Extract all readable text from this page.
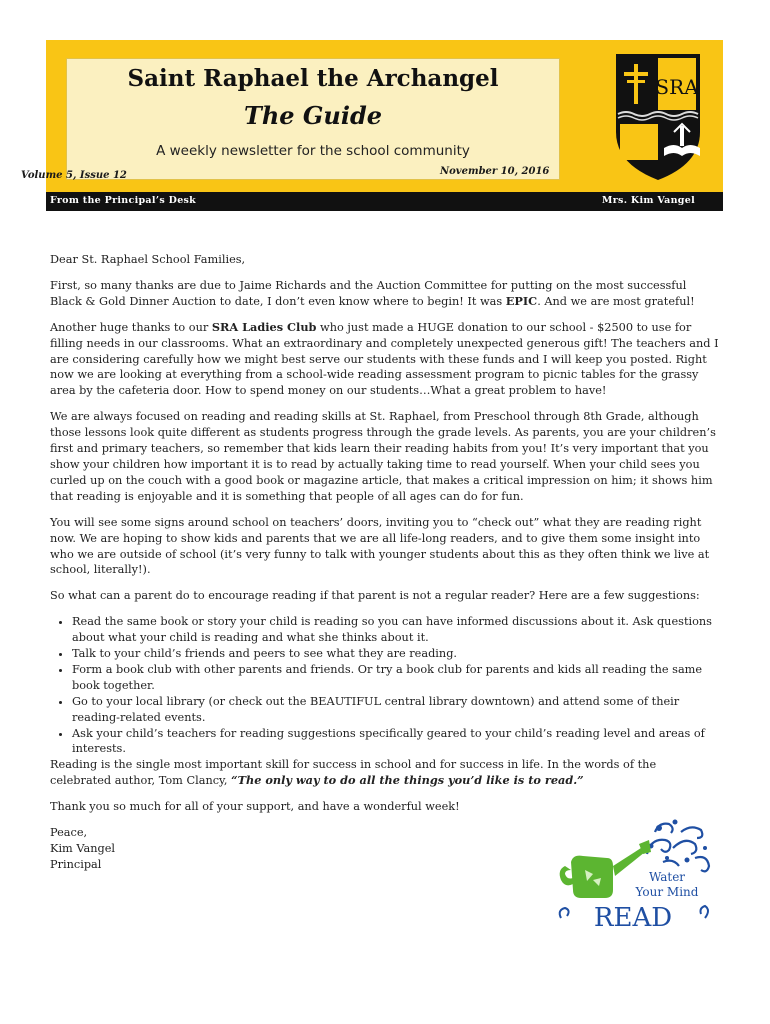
Saint Raphael the Archangel
The Guide
A weekly newsletter for the school community
SRA
Volume 5, Issue 12	November 10, 2016
From the Principal’s Desk	Mrs. Kim Vangel

Dear St. Raphael School Families,

First, so many thanks are due to Jaime Richards and the Auction Committee for putting on the most successful Black & Gold Dinner Auction to date, I don’t even know where to begin! It was EPIC. And we are most grateful!

Another huge thanks to our SRA Ladies Club who just made a HUGE donation to our school - $2500 to use for filling needs in our classrooms. What an extraordinary and completely unexpected generous gift! The teachers and I are considering carefully how we might best serve our students with these funds and I will keep you posted. Right now we are looking at everything from a school-wide reading assessment program to picnic tables for the grassy area by the cafeteria door. How to spend money on our students…What a great problem to have!

We are always focused on reading and reading skills at St. Raphael, from Preschool through 8th Grade, although those lessons look quite different as students progress through the grade levels. As parents, you are your children’s first and primary teachers, so remember that kids learn their reading habits from you! It’s very important that you show your children how important it is to read by actually taking time to read yourself. When your child sees you curled up on the couch with a good book or magazine article, that makes a critical impression on him; it shows him that reading is enjoyable and it is something that people of all ages can do for fun.

You will see some signs around school on teachers’ doors, inviting you to “check out” what they are reading right now. We are hoping to show kids and parents that we are all life-long readers, and to give them some insight into who we are outside of school (it’s very funny to talk with younger students about this as they often think we live at school, literally!).

So what can a parent do to encourage reading if that parent is not a regular reader? Here are a few suggestions:

• Read the same book or story your child is reading so you can have informed discussions about it. Ask questions about what your child is reading and what she thinks about it.
• Talk to your child’s friends and peers to see what they are reading.
• Form a book club with other parents and friends. Or try a book club for parents and kids all reading the same book together.
• Go to your local library (or check out the BEAUTIFUL central library downtown) and attend some of their reading-related events.
• Ask your child’s teachers for reading suggestions specifically geared to your child’s reading level and areas of interests.

Reading is the single most important skill for success in school and for success in life. In the words of the celebrated author, Tom Clancy, “The only way to do all the things you’d like is to read.”

Thank you so much for all of your support, and have a wonderful week!

Peace,
Kim Vangel
Principal

Water
Your Mind
READ
